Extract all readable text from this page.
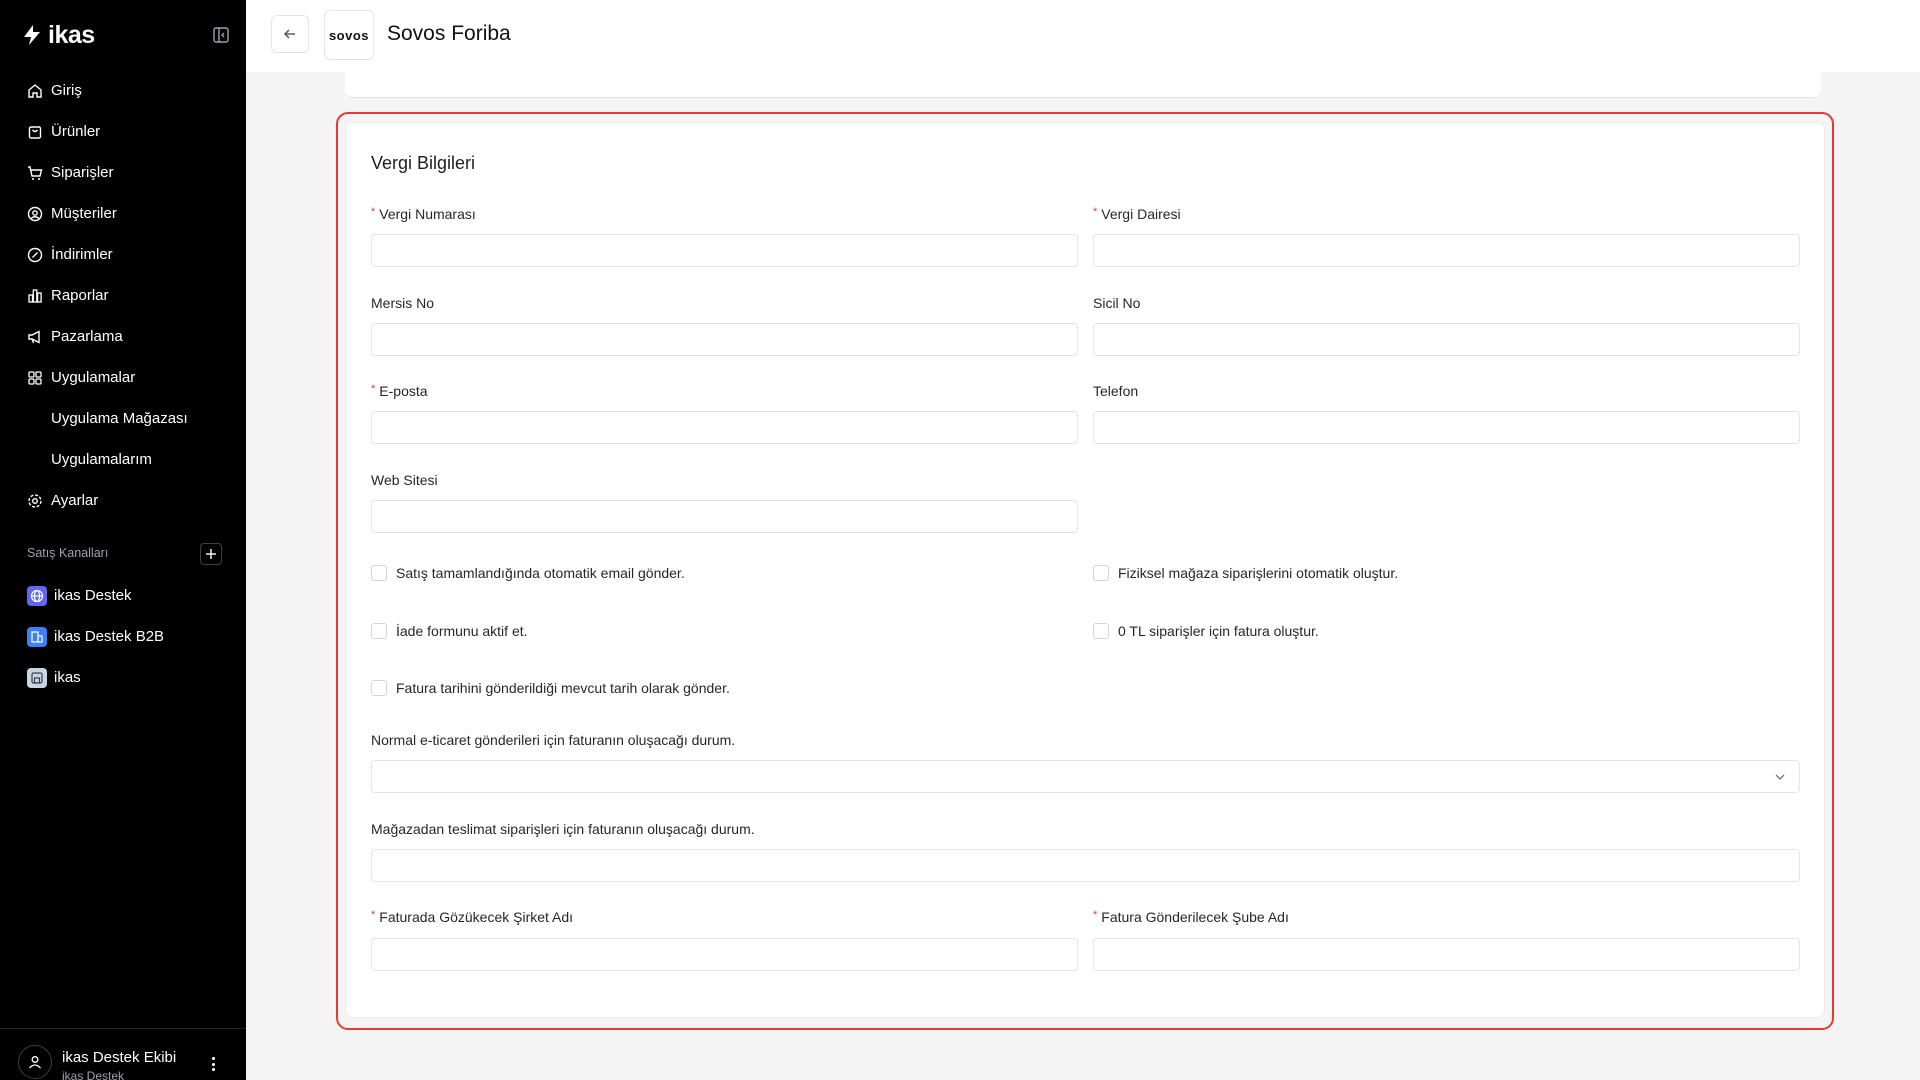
ikas
Giriş
Ürünler
Siparişler
Müşteriler
İndirimler
Raporlar
Pazarlama
Uygulamalar
Uygulama Mağazası
Uygulamalarım
Ayarlar
Satış Kanalları
ikas Destek
ikas Destek B2B
ikas
ikas Destek Ekibi
ikas Destek
sovos Sovos Foriba
Vergi Bilgileri
* Vergi Numarası	* Vergi Dairesi
Mersis No	Sicil No
* E-posta	Telefon
Web Sitesi
Satış tamamlandığında otomatik email gönder.	Fiziksel mağaza siparişlerini otomatik oluştur.
İade formunu aktif et.	0 TL siparişler için fatura oluştur.
Fatura tarihini gönderildiği mevcut tarih olarak gönder.
Normal e-ticaret gönderileri için faturanın oluşacağı durum.
Mağazadan teslimat siparişleri için faturanın oluşacağı durum.
* Faturada Gözükecek Şirket Adı	* Fatura Gönderilecek Şube Adı
